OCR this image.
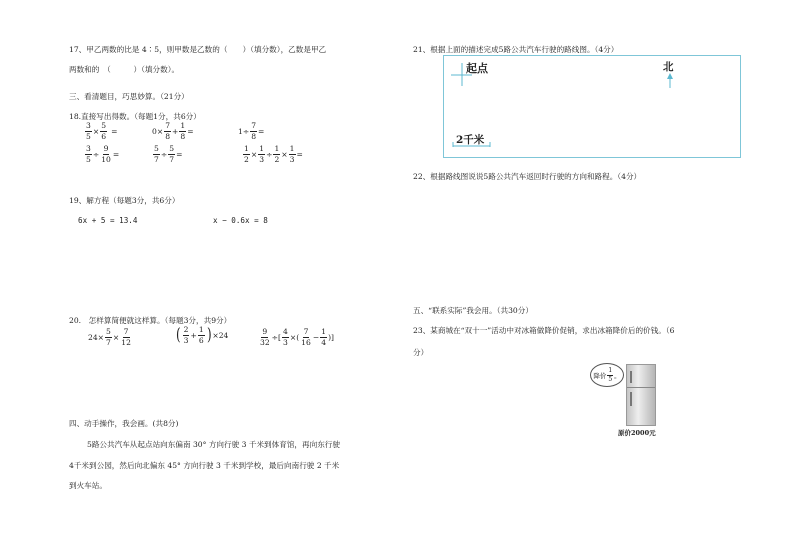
17、甲乙两数的比是 4∶5，则甲数是乙数的（　　）（填分数），乙数是甲乙
两数和的　（　　　）（填分数）。
三、看清题目，巧思妙算。（21分）
18.直接写出得数。（每题1分，共6分）
$\frac{3}{5} \times \frac{5}{6}$ =	$0\times \frac{7}{8} + \frac{1}{8}$ =	$1\div \frac{7}{8}$ =
$\frac{3}{5} \div \frac{9}{10}$ =	$\frac{5}{7} \div \frac{5}{7}$ =	$\frac{1}{2} \times \frac{1}{3} \div \frac{1}{2} \times \frac{1}{3}$ =
19、解方程（每题3分，共6分）
6x + 5 = 13.4	x − 0.6x = 8
20.　怎样算简便就这样算。（每题3分，共9分）
$24\times \frac{5}{7} \times \frac{7}{12}$	( $\frac{2}{3} + \frac{1}{6}$ ) ×24	$\frac{9}{32}$ ÷[ $\frac{4}{3}$ ×( $\frac{7}{16} - \frac{1}{4}$ )]
四、动手操作，我会画。(共8分)
5路公共汽车从起点站向东偏南 30° 方向行驶 3 千米到体育馆，再向东行驶
4千米到公园，然后向北偏东 45° 方向行驶 3 千米到学校，最后向南行驶 2 千米
到火车站。
21、根据上面的描述完成5路公共汽车行驶的路线图。（4分）
起点	北
2千米
22、根据路线图说说5路公共汽车返回时行驶的方向和路程。（4分）
五、“联系实际”我会用。（共30分）
23、某商城在“双十一”活动中对冰箱做降价促销，求出冰箱降价后的价钱。（6
分）
降价 $\frac{1}{5}$ 。
原价2000元
